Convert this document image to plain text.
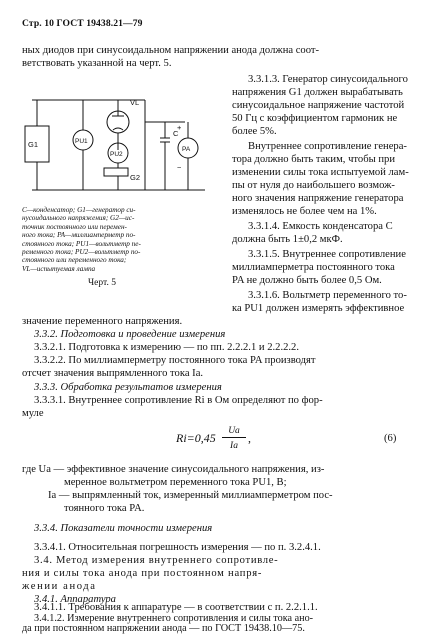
Стр. 10 ГОСТ 19438.21—79
ных диодов при синусоидальном напряжении анода должна соот-
ветствовать указанной на черт. 5.
G1	PU1
VL
PU2
G2
C
PA
+
−
C—конденсатор; G1—генератор си-
нусоидального напряжения; G2—ис-
точник постоянного или перемен-
ного тока; PA—миллиамперметр по-
стоянного тока; PU1—вольтметр пе-
ременного тока; PU2—вольтметр по-
стоянного или переменного тока;
VL—испытуемая лампа
Черт. 5
3.3.1.3. Генератор синусоидального
напряжения G1 должен вырабатывать
синусоидальное напряжение частотой
50 Гц с коэффициентом гармоник не
более 5%.
Внутреннее сопротивление генера-
тора должно быть таким, чтобы при
изменении силы тока испытуемой лам-
пы от нуля до наибольшего возмож-
ного значения напряжение генератора
изменялось не более чем на 1%.
3.3.1.4. Емкость конденсатора C
должна быть 1±0,2 мкФ.
3.3.1.5. Внутреннее сопротивление
миллиамперметра постоянного тока
PA не должно быть более 0,5 Ом.
3.3.1.6. Вольтметр переменного то-
ка PU1 должен измерять эффективное
значение переменного напряжения.
3.3.2. Подготовка и проведение измерения
3.3.2.1. Подготовка к измерению — по пп. 2.2.2.1 и 2.2.2.2.
3.3.2.2. По миллиамперметру постоянного тока PA производят
отсчет значения выпрямленного тока Ia.
3.3.3. Обработка результатов измерения
3.3.3.1. Внутреннее сопротивление Ri в Ом определяют по фор-
муле
Ri=0,45	Ua
Ia
,	(6)
где Ua — эффективное значение синусоидального напряжения, из-
меренное вольтметром переменного тока PU1, В;
Ia — выпрямленный ток, измеренный миллиамперметром пос-
тоянного тока PA.
3.3.4. Показатели точности измерения
3.3.4.1. Относительная погрешность измерения — по п. 3.2.4.1.
3.4. Метод измерения внутреннего сопротивле-
ния и силы тока анода при постоянном напря-
жении анода
3.4.1. Аппаратура
3.4.1.1. Требования к аппаратуре — в соответствии с п. 2.2.1.1.
3.4.1.2. Измерение внутреннего сопротивления и силы тока ано-
да при постоянном напряжении анода — по ГОСТ 19438.10—75.
